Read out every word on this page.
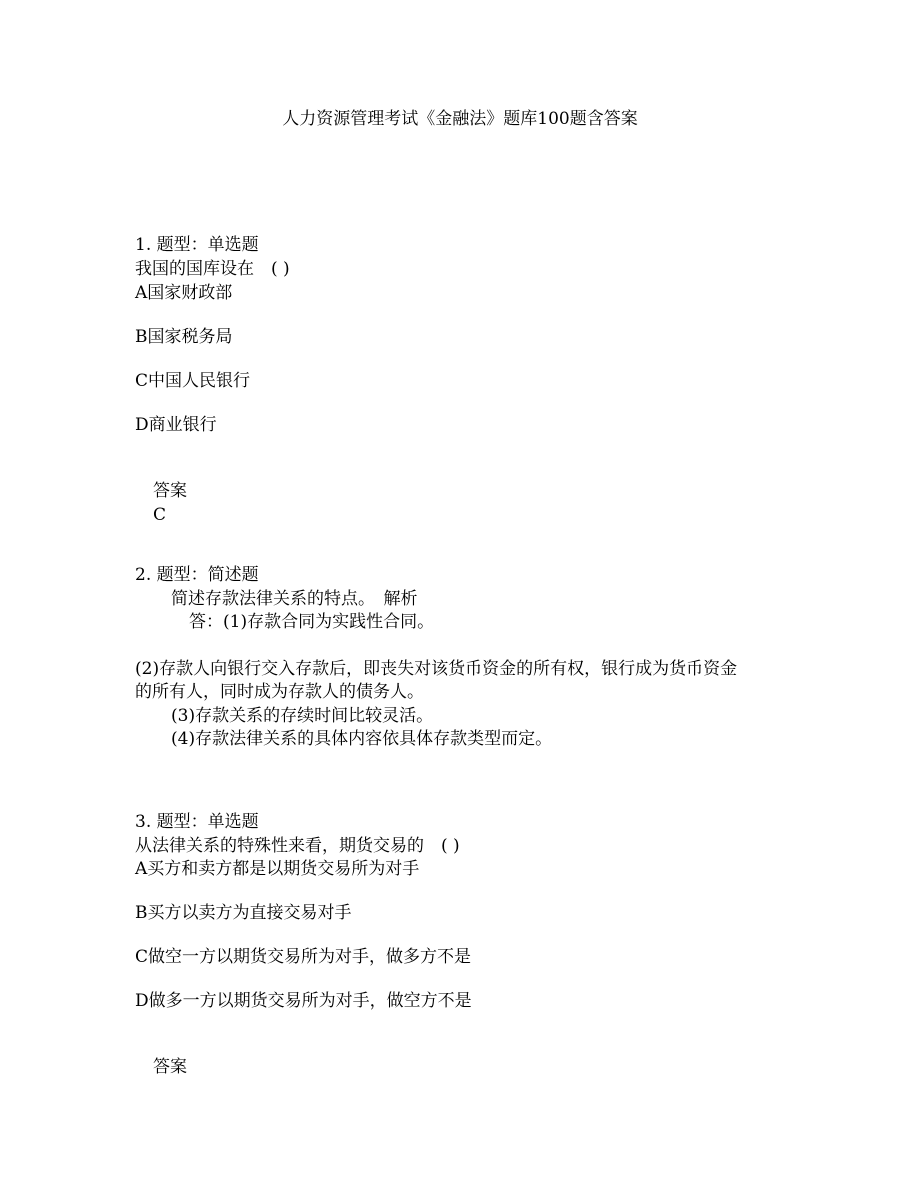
人力资源管理考试《金融法》题库100题含答案
1. 题型：单选题
我国的国库设在　( )
A国家财政部
B国家税务局
C中国人民银行
D商业银行
答案
C
2. 题型：简述题
简述存款法律关系的特点。　解析
答：(1)存款合同为实践性合同。
(2)存款人向银行交入存款后，即丧失对该货币资金的所有权，银行成为货币资金
的所有人，同时成为存款人的债务人。
(3)存款关系的存续时间比较灵活。
(4)存款法律关系的具体内容依具体存款类型而定。
3. 题型：单选题
从法律关系的特殊性来看，期货交易的　( )
A买方和卖方都是以期货交易所为对手
B买方以卖方为直接交易对手
C做空一方以期货交易所为对手，做多方不是
D做多一方以期货交易所为对手，做空方不是
答案
